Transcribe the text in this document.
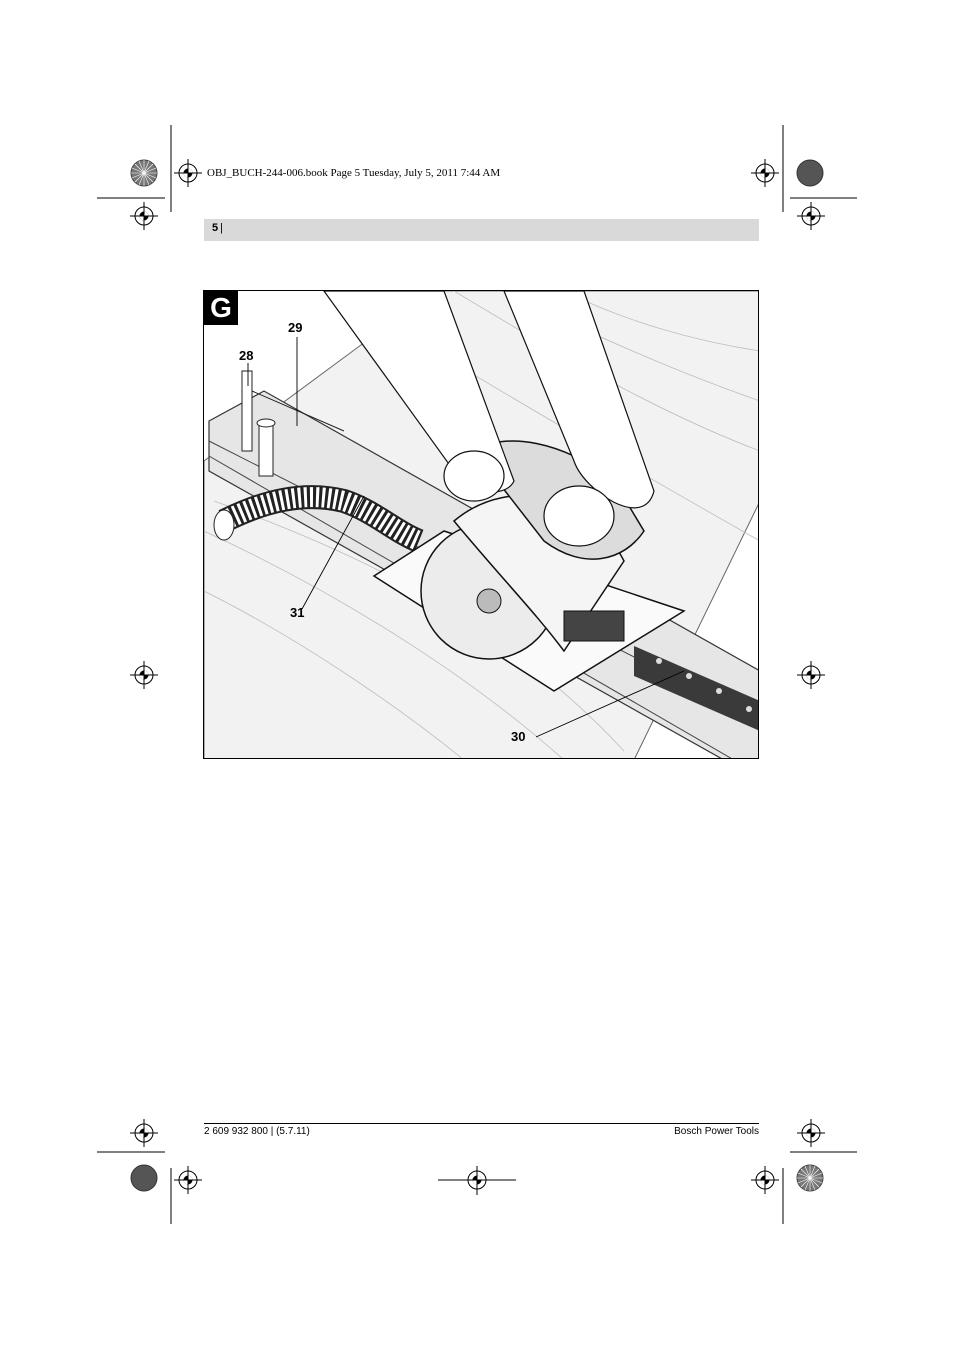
OBJ_BUCH-244-006.book Page 5 Tuesday, July 5, 2011 7:44 AM
5 |
G
29
28
31
30
2 609 932 800 | (5.7.11)	Bosch Power Tools
